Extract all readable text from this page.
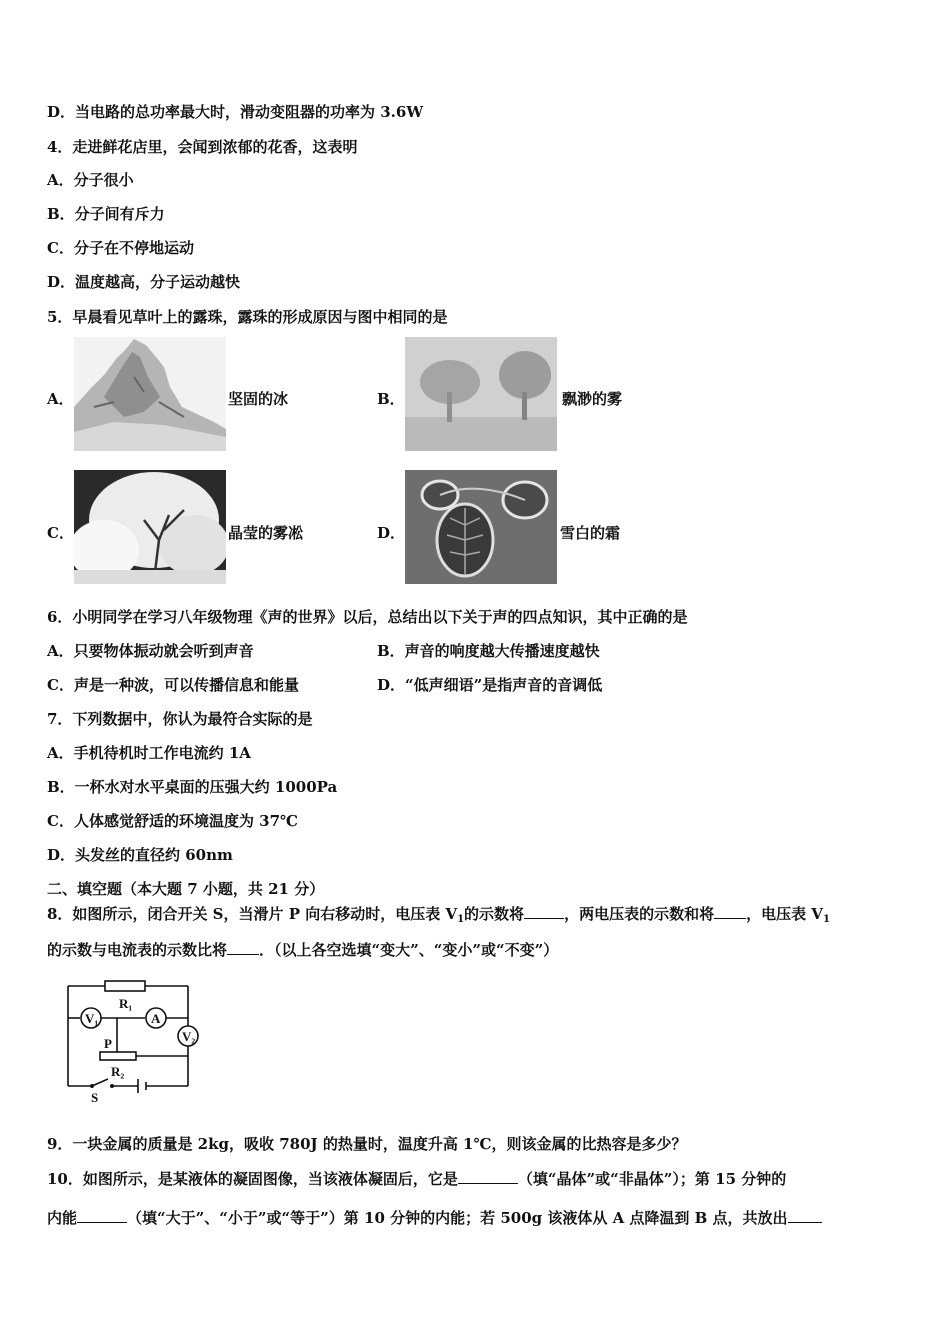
D．当电路的总功率最大时，滑动变阻器的功率为 3.6W
4．走进鲜花店里，会闻到浓郁的花香，这表明
A．分子很小
B．分子间有斥力
C．分子在不停地运动
D．温度越高，分子运动越快
5．早晨看见草叶上的露珠，露珠的形成原因与图中相同的是
A．	坚固的冰	B．	飘渺的雾
C．	晶莹的雾凇	D．	雪白的霜
6．小明同学在学习八年级物理《声的世界》以后，总结出以下关于声的四点知识，其中正确的是
A．只要物体振动就会听到声音	B．声音的响度越大传播速度越快
C．声是一种波，可以传播信息和能量	D．“低声细语”是指声音的音调低
7．下列数据中，你认为最符合实际的是
A．手机待机时工作电流约 1A
B．一杯水对水平桌面的压强大约 1000Pa
C．人体感觉舒适的环境温度为 37℃
D．头发丝的直径约 60nm
二、填空题（本大题 7 小题，共 21 分）
8．如图所示，闭合开关 S，当滑片 P 向右移动时，电压表 $V_1$的示数将	，两电压表的示数和将 ，电压表 $V_1$
的示数与电流表的示数比将 ．（以上各空选填“变大”、“变小”或“不变”）
R₁
V₁	A
V₂
P
R₂
S
9．一块金属的质量是 2kg，吸收 780J 的热量时，温度升高 1℃，则该金属的比热容是多少？
10．如图所示，是某液体的凝固图像，当该液体凝固后，它是	（填“晶体”或“非晶体”）；第 15 分钟的
内能	（填“大于”、“小于”或“等于”）第 10 分钟的内能；若 500g 该液体从 A 点降温到 B 点，共放出
